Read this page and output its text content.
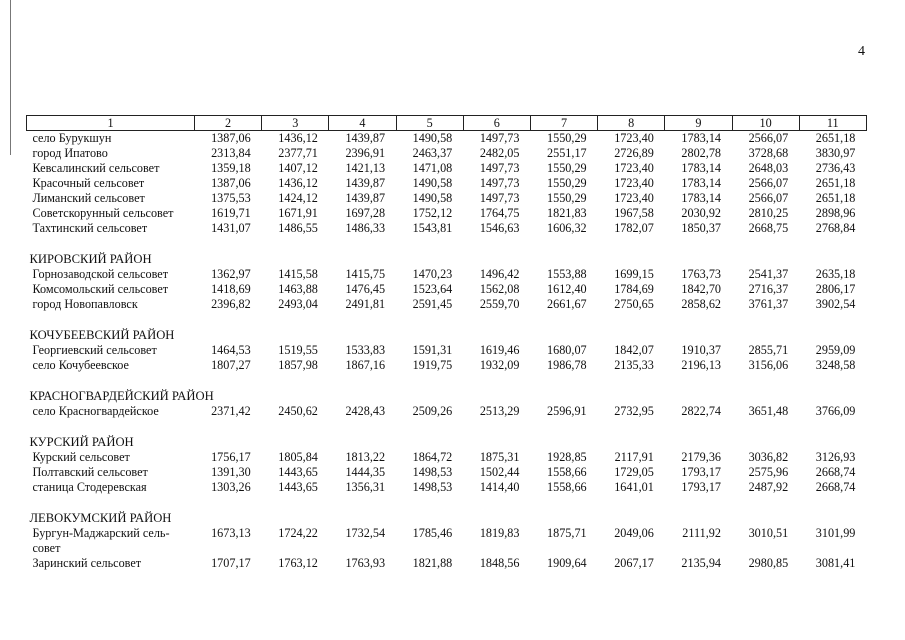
4
1	2	3	4	5	6	7	8	9	10	11
село Бурукшун	1387,06	1436,12	1439,87	1490,58	1497,73	1550,29	1723,40	1783,14	2566,07	2651,18
город Ипатово	2313,84	2377,71	2396,91	2463,37	2482,05	2551,17	2726,89	2802,78	3728,68	3830,97
Кевсалинский сельсовет	1359,18	1407,12	1421,13	1471,08	1497,73	1550,29	1723,40	1783,14	2648,03	2736,43
Красочный сельсовет	1387,06	1436,12	1439,87	1490,58	1497,73	1550,29	1723,40	1783,14	2566,07	2651,18
Лиманский сельсовет	1375,53	1424,12	1439,87	1490,58	1497,73	1550,29	1723,40	1783,14	2566,07	2651,18
Советскорунный сельсовет	1619,71	1671,91	1697,28	1752,12	1764,75	1821,83	1967,58	2030,92	2810,25	2898,96
Тахтинский сельсовет	1431,07	1486,55	1486,33	1543,81	1546,63	1606,32	1782,07	1850,37	2668,75	2768,84

КИРОВСКИЙ РАЙОН										
Горнозаводской сельсовет	1362,97	1415,58	1415,75	1470,23	1496,42	1553,88	1699,15	1763,73	2541,37	2635,18
Комсомольский сельсовет	1418,69	1463,88	1476,45	1523,64	1562,08	1612,40	1784,69	1842,70	2716,37	2806,17
город Новопавловск	2396,82	2493,04	2491,81	2591,45	2559,70	2661,67	2750,65	2858,62	3761,37	3902,54

КОЧУБЕЕВСКИЙ РАЙОН										
Георгиевский сельсовет	1464,53	1519,55	1533,83	1591,31	1619,46	1680,07	1842,07	1910,37	2855,71	2959,09
село Кочубеевское	1807,27	1857,98	1867,16	1919,75	1932,09	1986,78	2135,33	2196,13	3156,06	3248,58

КРАСНОГВАРДЕЙСКИЙ РАЙОН										
село Красногвардейское	2371,42	2450,62	2428,43	2509,26	2513,29	2596,91	2732,95	2822,74	3651,48	3766,09

КУРСКИЙ РАЙОН										
Курский сельсовет	1756,17	1805,84	1813,22	1864,72	1875,31	1928,85	2117,91	2179,36	3036,82	3126,93
Полтавский сельсовет	1391,30	1443,65	1444,35	1498,53	1502,44	1558,66	1729,05	1793,17	2575,96	2668,74
станица Стодеревская	1303,26	1443,65	1356,31	1498,53	1414,40	1558,66	1641,01	1793,17	2487,92	2668,74

ЛЕВОКУМСКИЙ РАЙОН										
Бургун-Маджарский сель-совет	1673,13	1724,22	1732,54	1785,46	1819,83	1875,71	2049,06	2111,92	3010,51	3101,99
Заринский сельсовет	1707,17	1763,12	1763,93	1821,88	1848,56	1909,64	2067,17	2135,94	2980,85	3081,41
